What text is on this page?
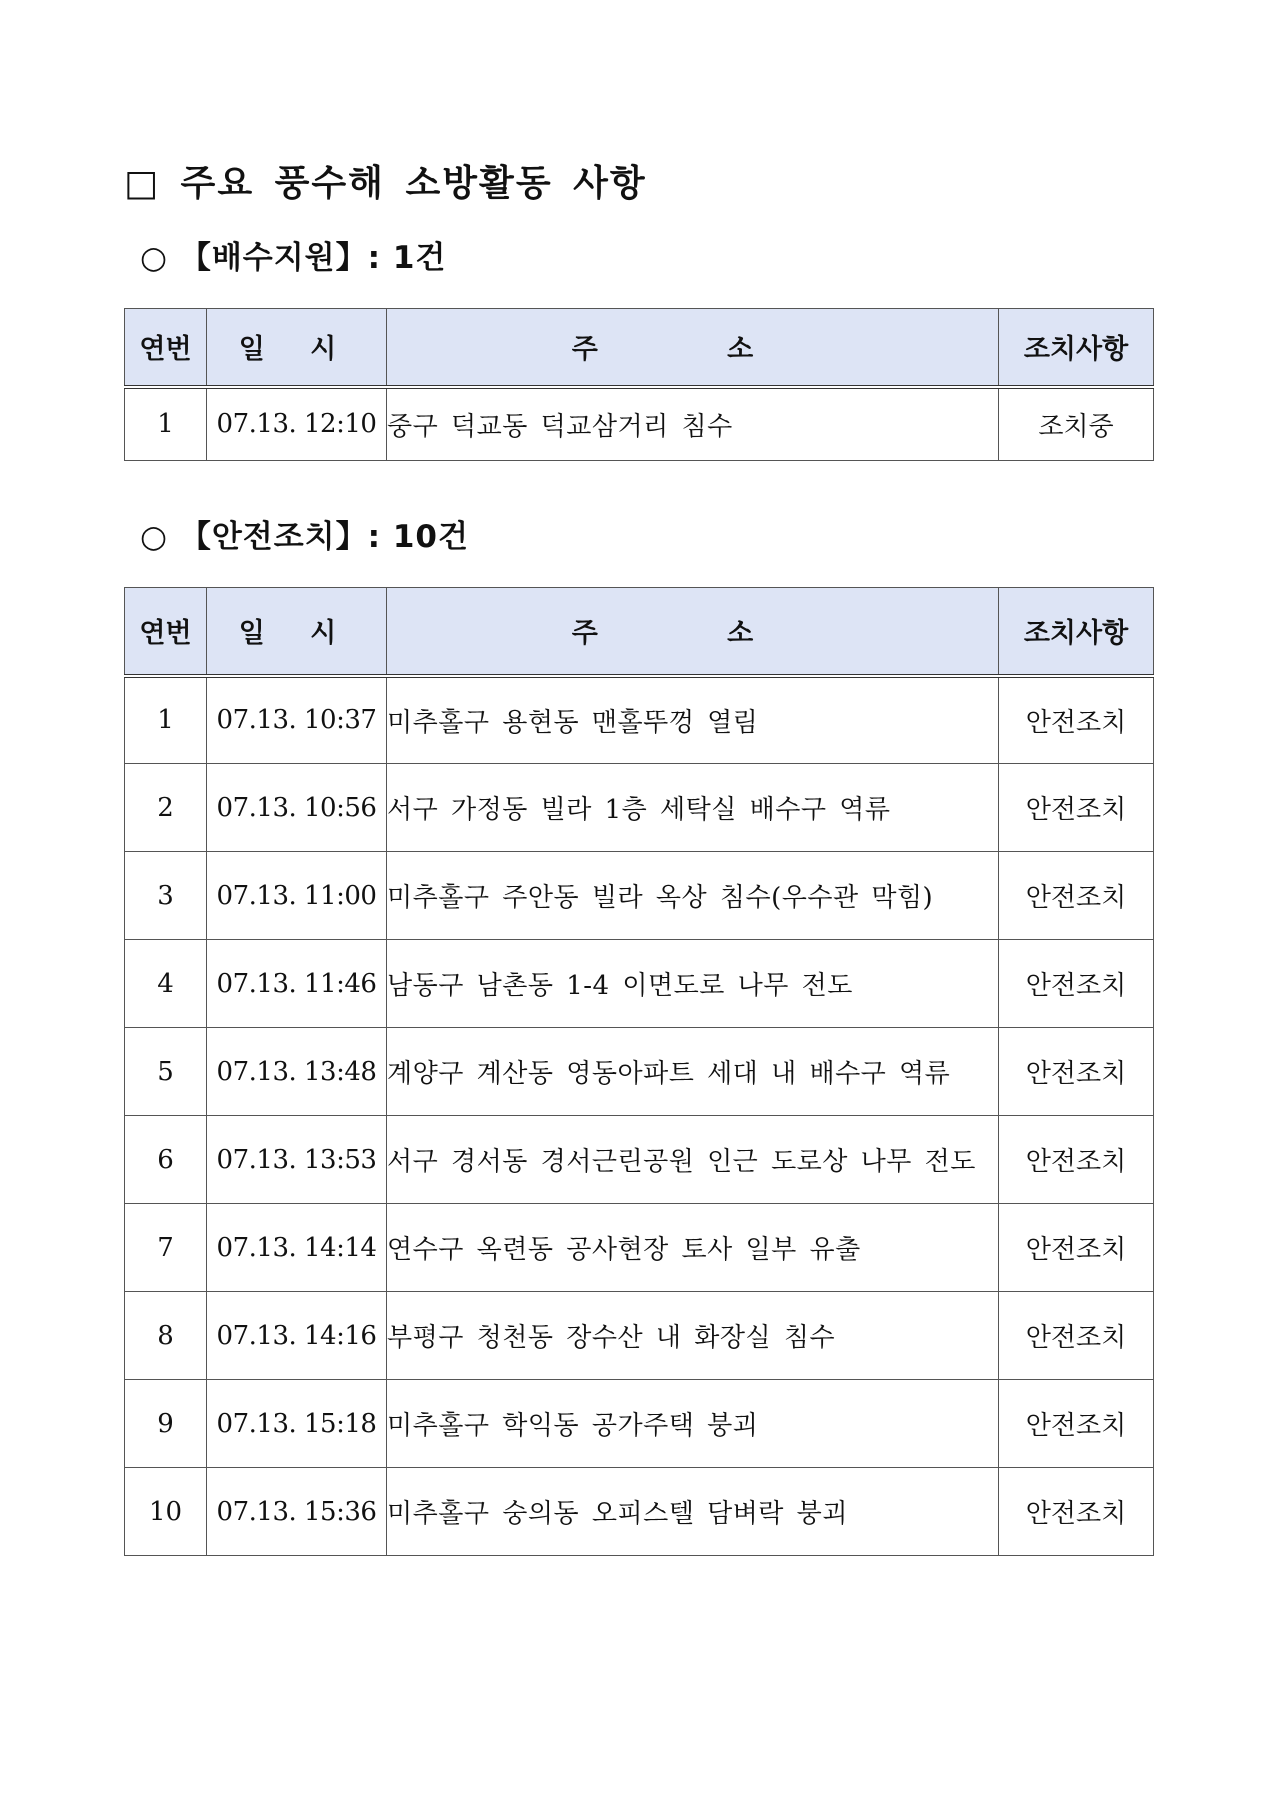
□ 주요 풍수해 소방활동 사항
○ 【배수지원】: 1건
연번	일 시	주 소	조치사항
1	07.13. 12:10	중구 덕교동 덕교삼거리 침수	조치중
○ 【안전조치】: 10건
연번	일 시	주 소	조치사항
1	07.13. 10:37	미추홀구 용현동 맨홀뚜껑 열림	안전조치
2	07.13. 10:56	서구 가정동 빌라 1층 세탁실 배수구 역류	안전조치
3	07.13. 11:00	미추홀구 주안동 빌라 옥상 침수(우수관 막힘)	안전조치
4	07.13. 11:46	남동구 남촌동 1-4 이면도로 나무 전도	안전조치
5	07.13. 13:48	계양구 계산동 영동아파트 세대 내 배수구 역류	안전조치
6	07.13. 13:53	서구 경서동 경서근린공원 인근 도로상 나무 전도	안전조치
7	07.13. 14:14	연수구 옥련동 공사현장 토사 일부 유출	안전조치
8	07.13. 14:16	부평구 청천동 장수산 내 화장실 침수	안전조치
9	07.13. 15:18	미추홀구 학익동 공가주택 붕괴	안전조치
10	07.13. 15:36	미추홀구 숭의동 오피스텔 담벼락 붕괴	안전조치
